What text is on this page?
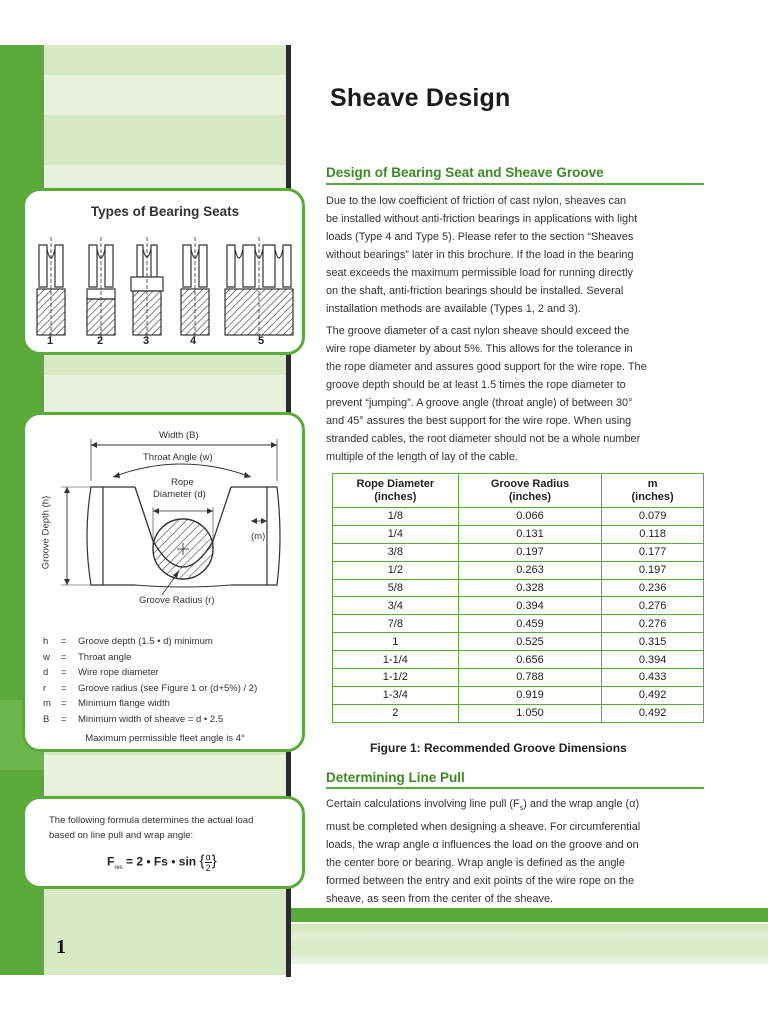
Types of Bearing Seats
1	2	3	4	5
Width (B)
Throat Angle (w)
Rope
Diameter (d)
Groove Depth (h)	(m)
Groove Radius (r)
h = Groove depth (1.5 • d) minimum
w = Throat angle
d = Wire rope diameter
r = Groove radius (see Figure 1 or (d+5%) / 2)
m = Minimum flange width
B = Minimum width of sheave = d • 2.5
Maximum permissible fleet angle is 4°
The following formula determines the actual load based on line pull and wrap angle:
$F_{res} = 2$ • Fs • sin { $\frac{\alpha}{2}$ }
Sheave Design
Design of Bearing Seat and Sheave Groove
Due to the low coefficient of friction of cast nylon, sheaves can
be installed without anti-friction bearings in applications with light
loads (Type 4 and Type 5). Please refer to the section “Sheaves
without bearings” later in this brochure. If the load in the bearing
seat exceeds the maximum permissible load for running directly
on the shaft, anti-friction bearings should be installed. Several
installation methods are available (Types 1, 2 and 3).
The groove diameter of a cast nylon sheave should exceed the
wire rope diameter by about 5%. This allows for the tolerance in
the rope diameter and assures good support for the wire rope. The
groove depth should be at least 1.5 times the rope diameter to
prevent “jumping”. A groove angle (throat angle) of between 30°
and 45° assures the best support for the wire rope. When using
stranded cables, the root diameter should not be a whole number
multiple of the length of lay of the cable.
Rope Diameter
(inches)	Groove Radius
(inches)	m
(inches)
1/8	0.066	0.079
1/4	0.131	0.118
3/8	0.197	0.177
1/2	0.263	0.197
5/8	0.328	0.236
3/4	0.394	0.276
7/8	0.459	0.276
1	0.525	0.315
1-1/4	0.656	0.394
1-1/2	0.788	0.433
1-3/4	0.919	0.492
2	1.050	0.492
Figure 1: Recommended Groove Dimensions
Determining Line Pull
Certain calculations involving line pull $(F_s)$ and the wrap angle (α)
must be completed when designing a sheave. For circumferential
loads, the wrap angle α influences the load on the groove and on
the center bore or bearing. Wrap angle is defined as the angle
formed between the entry and exit points of the wire rope on the
sheave, as seen from the center of the sheave.
1
